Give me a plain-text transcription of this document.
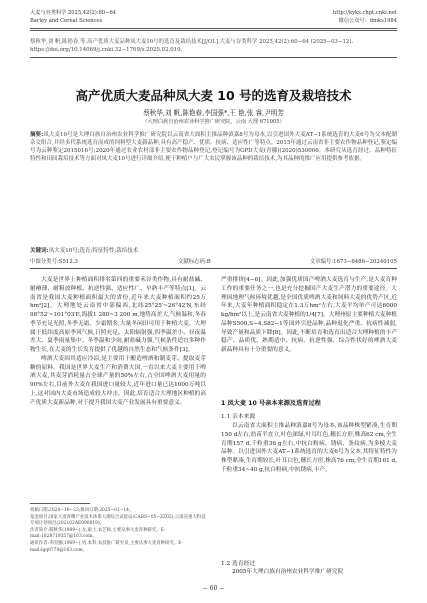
大麦与谷类科学 2025,42(2):60−64
Barley and Cereal Sciences
http://kyks.chpt.cnki.net
微信公众号：dmks1984
蔡秋华,刘 帆,陈艳春,等.高产优质大麦品种凤大麦10号的选育及栽培技术[J/OL].大麦与谷类科学 2025,42(2):60−64 (2025−03−12). https://doi.org/10.14069/j.cnki.32−1769/s.2025.02.010.
高产优质大麦品种凤大麦 10 号的选育及栽培技术
蔡秋华,刘 帆,陈艳春,李国强*,王 艳,张 睿,尹明芳
（大理白族自治州农业科学推广研究院，云南 大理 671005）
摘要:凤大麦10号是大理白族自治州农业科学推广研究院以云南省大面积主推品种滇嘉8号为母本,以引进国外大麦AT−1系统选育的大麦6号为父本配制杂交组合,并经多代系统选育而成的饲料型大麦新品种,具有高产稳产、优质、抗病、适应性广等特点。2015年通过云南省非主要农作物品种登记,鉴定编号为云种鉴定2015016号;2020年通过农业农村部非主要农作物品种登记,登记编号为GPD大麦(青稞)(2020)530006。本研究从选育经过、品种特征特性和田间栽培技术等方面对凤大麦10号进行详细介绍,便于种植户与广大农民掌握该品种的栽培技术,为其品种的推广应用提供参考依据。
关键词:凤大麦10号;选育;特征特性;栽培技术
中图分类号:S512.3	文献标志码:B	文章编号:1673−6486−20240105

大麦是世界上种植面积排名第四的重要禾谷类作物,具有耐盐碱、耐瘠薄、耐粗放种植、抗逆性强、适应性广、早熟丰产等特点[1]。云南省是我国大麦种植面积最大的省份,近年来大麦种植面积约25万hm²[2]。大理地处云南省中部偏西,北纬25°25′~26°42′N,东经98°52′~101°03′E,海拔1 280~3 200 m,地势高差大,气候温和,冬春季节充足光照,冬季无霜、少霜期多,大量冬闲田可用于种植大麦。大理属于低纬度高原季风气候,日照充足、太阳辐射强,四季温差小、昼夜温差大、夏季雨量集中、冬季温和少雨,耐盐碱力强,气候条件适宜多种作物生长,在大麦的生长发育提供了优越的自然生态和气候条件[3]。

啤酒大麦因其适应冷凉,是主要用于酿造啤酒和制麦芽、提取麦芽糖的原料。我国是世界大麦生产和消费大国,一直以来大麦主要用于啤酒大麦,其麦芽消耗量占全球产量的50%左右,占全国啤酒大麦用量的90%左右,目前外大麦在我国进口量较大,近年进口量已达1000万吨以上,这对国内大麦市场造成较大冲击。因此,培育适合大理地区种植的高产优质大麦新品种,对于提升我国大麦产业发展具有重要意义。

收稿日期:2024−10−23;修回日期:2025−01−14。
基金项目:国家大麦青稞产业技术体系大理综合试验站(CARS−05−ZZ02);云南省重大科技专项计划项目(202102AE090019)。
作者简介:蔡秋华(1989−),女,硕士,农艺师,主要从事大麦育种研究。E-mail:1828719357@163.com。
通讯作者:李国强(1969−),男,本科,农技推广研究员,主要从事大麦育种研究。E-mail:lgq8770@163.com。

严重排挤[4−6]。因此,加强优质国产啤酒大麦选育与生产,是大麦育种工作的重要任务之一,也是充分挖掘国产大麦生产潜力的重要途径。大理因地理气候环境优越,是全国优质啤酒大麦和饲料大麦的优势产区,近年来,大麦年种植面积稳定在1.3万hm²左右,大麦平均单产可达6000 kg/hm²以上,是云南省大麦种植的1/4[7]。大理州原主要种植大麦种植品种S500,S−4,S82−1等国外引进品种,品种退化严重、抗病性减弱,导致产量和品质下降[8]。因此,不断培育和选育出适合大理种植的丰产稳产、品质优、熟期适中、抗病、抗逆性强、综合性状好的啤酒大麦新品种具有十分重要的意义。

1 凤大麦 10 号亲本来源及选育过程
1.1 亲本来源

以云南省大面积主推品种滇嘉8号为母本,该品种株型紧凑,生育期150 d左右,幼苗半直立,叶色深绿,叶耳红色,穗长方形,株高62 cm,全生育期157 d,千粒重36 g左右,中抗白粉病、锈病、条纹病,为多棱大麦品种。以引进国外大麦AT−1系统选育的大麦6号为父本,其特征特性为株型紧凑,生育期较长,叶耳白色,穗长方形,株高76 cm,全生育期161 d,千粒重34~40 g,抗白粉病,中抗锈病,丰产。

1.2 选育经过

2005年大理白族自治州农业科学推广研究院

− 60 −
